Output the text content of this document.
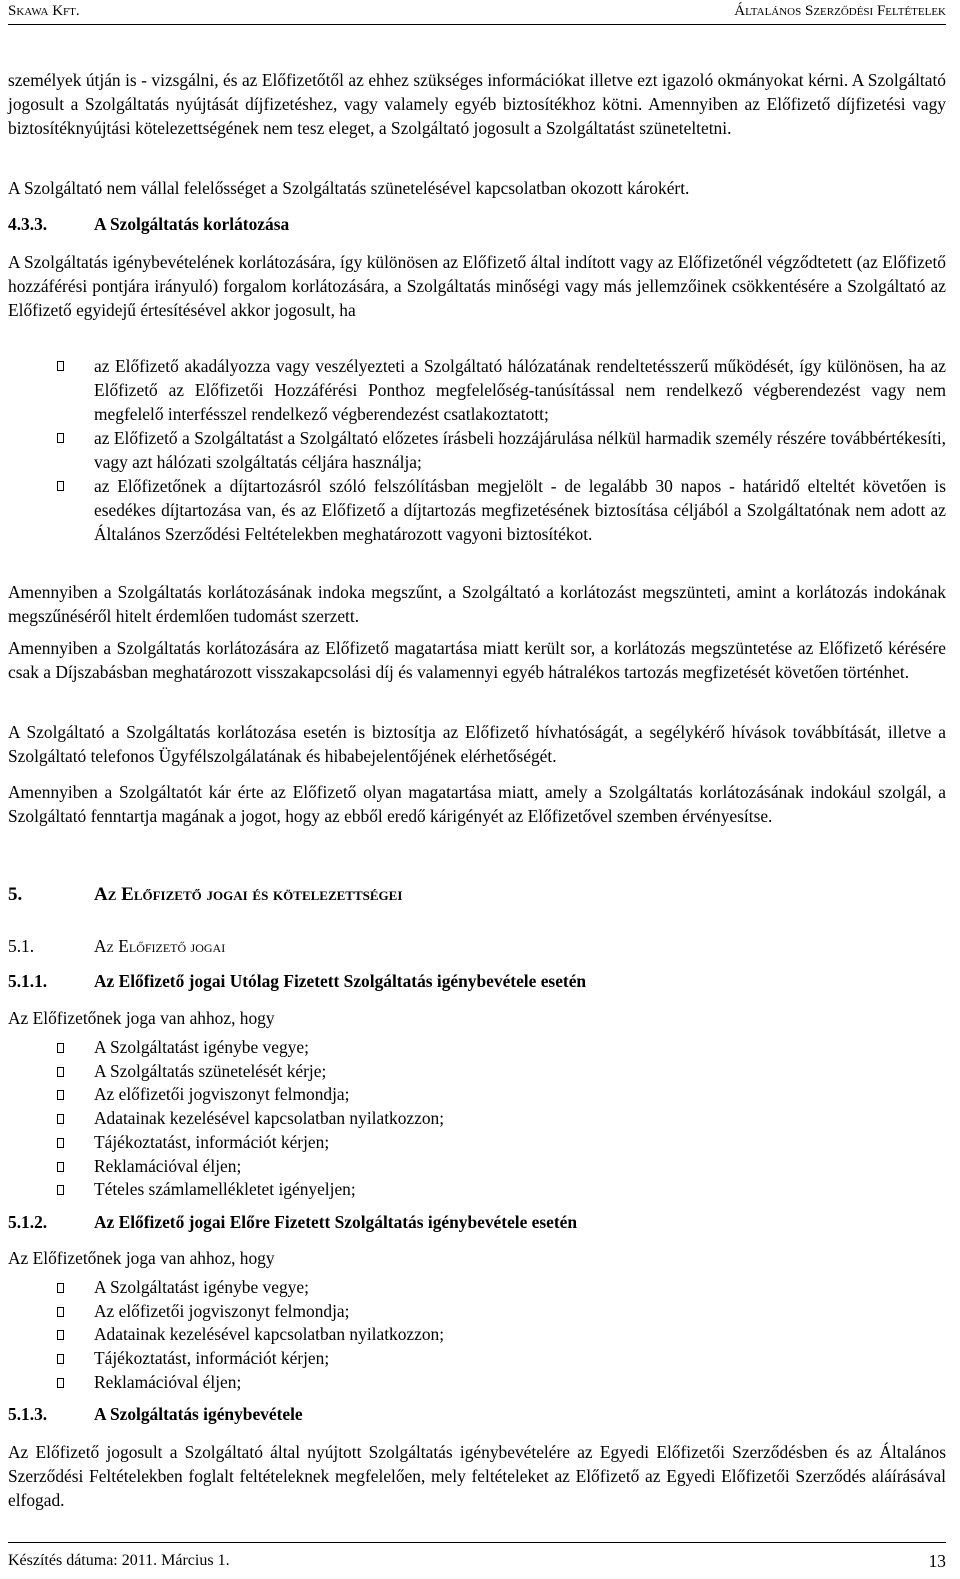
Skawa Kft.	Általános Szerződési Feltételek
személyek útján is - vizsgálni, és az Előfizetőtől az ehhez szükséges információkat illetve ezt igazoló okmányokat kérni. A Szolgáltató jogosult a Szolgáltatás nyújtását díjfizetéshez, vagy valamely egyéb biztosítékhoz kötni. Amennyiben az Előfizető díjfizetési vagy biztosítéknyújtási kötelezettségének nem tesz eleget, a Szolgáltató jogosult a Szolgáltatást szüneteltetni.
A Szolgáltató nem vállal felelősséget a Szolgáltatás szünetelésével kapcsolatban okozott károkért.
4.3.3.	A Szolgáltatás korlátozása
A Szolgáltatás igénybevételének korlátozására, így különösen az Előfizető által indított vagy az Előfizetőnél végződtetett (az Előfizető hozzáférési pontjára irányuló) forgalom korlátozására, a Szolgáltatás minőségi vagy más jellemzőinek csökkentésére a Szolgáltató az Előfizető egyidejű értesítésével akkor jogosult, ha
az Előfizető akadályozza vagy veszélyezteti a Szolgáltató hálózatának rendeltetésszerű működését, így különösen, ha az Előfizető az Előfizetői Hozzáférési Ponthoz megfelelőség-tanúsítással nem rendelkező végberendezést vagy nem megfelelő interfésszel rendelkező végberendezést csatlakoztatott;
az Előfizető a Szolgáltatást a Szolgáltató előzetes írásbeli hozzájárulása nélkül harmadik személy részére továbbértékesíti, vagy azt hálózati szolgáltatás céljára használja;
az Előfizetőnek a díjtartozásról szóló felszólításban megjelölt - de legalább 30 napos - határidő elteltét követően is esedékes díjtartozása van, és az Előfizető a díjtartozás megfizetésének biztosítása céljából a Szolgáltatónak nem adott az Általános Szerződési Feltételekben meghatározott vagyoni biztosítékot.
Amennyiben a Szolgáltatás korlátozásának indoka megszűnt, a Szolgáltató a korlátozást megszünteti, amint a korlátozás indokának megszűnéséről hitelt érdemlően tudomást szerzett.
Amennyiben a Szolgáltatás korlátozására az Előfizető magatartása miatt került sor, a korlátozás megszüntetése az Előfizető kérésére csak a Díjszabásban meghatározott visszakapcsolási díj és valamennyi egyéb hátralékos tartozás megfizetését követően történhet.
A Szolgáltató a Szolgáltatás korlátozása esetén is biztosítja az Előfizető hívhatóságát, a segélykérő hívások továbbítását, illetve a Szolgáltató telefonos Ügyfélszolgálatának és hibabejelentőjének elérhetőségét.
Amennyiben a Szolgáltatót kár érte az Előfizető olyan magatartása miatt, amely a Szolgáltatás korlátozásának indokául szolgál, a Szolgáltató fenntartja magának a jogot, hogy az ebből eredő kárigényét az Előfizetővel szemben érvényesítse.
5.	Az Előfizető jogai és kötelezettségei
5.1.	Az Előfizető jogai
5.1.1.	Az Előfizető jogai Utólag Fizetett Szolgáltatás igénybevétele esetén
Az Előfizetőnek joga van ahhoz, hogy
A Szolgáltatást igénybe vegye;
A Szolgáltatás szünetelését kérje;
Az előfizetői jogviszonyt felmondja;
Adatainak kezelésével kapcsolatban nyilatkozzon;
Tájékoztatást, információt kérjen;
Reklamációval éljen;
Tételes számlamellékletet igényeljen;
5.1.2.	Az Előfizető jogai Előre Fizetett Szolgáltatás igénybevétele esetén
Az Előfizetőnek joga van ahhoz, hogy
A Szolgáltatást igénybe vegye;
Az előfizetői jogviszonyt felmondja;
Adatainak kezelésével kapcsolatban nyilatkozzon;
Tájékoztatást, információt kérjen;
Reklamációval éljen;
5.1.3.	A Szolgáltatás igénybevétele
Az Előfizető jogosult a Szolgáltató által nyújtott Szolgáltatás igénybevételére az Egyedi Előfizetői Szerződésben és az Általános Szerződési Feltételekben foglalt feltételeknek megfelelően, mely feltételeket az Előfizető az Egyedi Előfizetői Szerződés aláírásával elfogad.
Készítés dátuma: 2011. Március 1.	13
